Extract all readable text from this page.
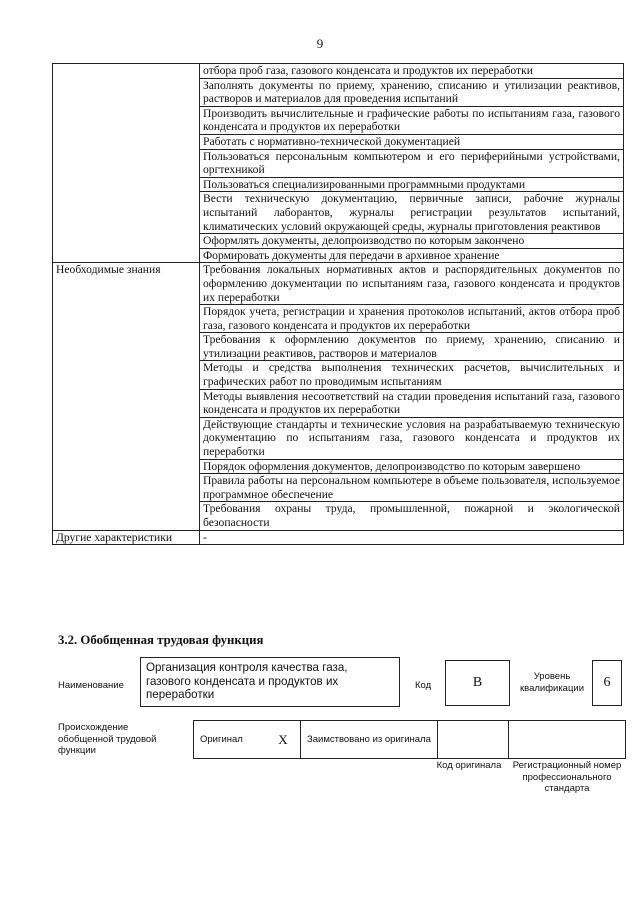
9
	отбора проб газа, газового конденсата и продуктов их переработки
	Заполнять документы по приему, хранению, списанию и утилизации реактивов, растворов и материалов для проведения испытаний
	Производить вычислительные и графические работы по испытаниям газа, газового конденсата и продуктов их переработки
	Работать с нормативно-технической документацией
	Пользоваться персональным компьютером и его периферийными устройствами, оргтехникой
	Пользоваться специализированными программными продуктами
	Вести техническую документацию, первичные записи, рабочие журналы испытаний лаборантов, журналы регистрации результатов испытаний, климатических условий окружающей среды, журналы приготовления реактивов
	Оформлять документы, делопроизводство по которым закончено
	Формировать документы для передачи в архивное хранение
Необходимые знания	Требования локальных нормативных актов и распорядительных документов по оформлению документации по испытаниям газа, газового конденсата и продуктов их переработки
	Порядок учета, регистрации и хранения протоколов испытаний, актов отбора проб газа, газового конденсата и продуктов их переработки
	Требования к оформлению документов по приему, хранению, списанию и утилизации реактивов, растворов и материалов
	Методы и средства выполнения технических расчетов, вычислительных и графических работ по проводимым испытаниям
	Методы выявления несоответствий на стадии проведения испытаний газа, газового конденсата и продуктов их переработки
	Действующие стандарты и технические условия на разрабатываемую техническую документацию по испытаниям газа, газового конденсата и продуктов их переработки
	Порядок оформления документов, делопроизводство по которым завершено
	Правила работы на персональном компьютере в объеме пользователя, используемое программное обеспечение
	Требования охраны труда, промышленной, пожарной и экологической безопасности
Другие характеристики	-
3.2. Обобщенная трудовая функция
Наименование
Организация контроля качества газа, газового конденсата и продуктов их переработки
Код	В	Уровень квалификации 6
Происхождение обобщенной трудовой функции
Оригинал	Х	Заимствовано из оригинала		
Код оригинала	Регистрационный номер профессионального стандарта
